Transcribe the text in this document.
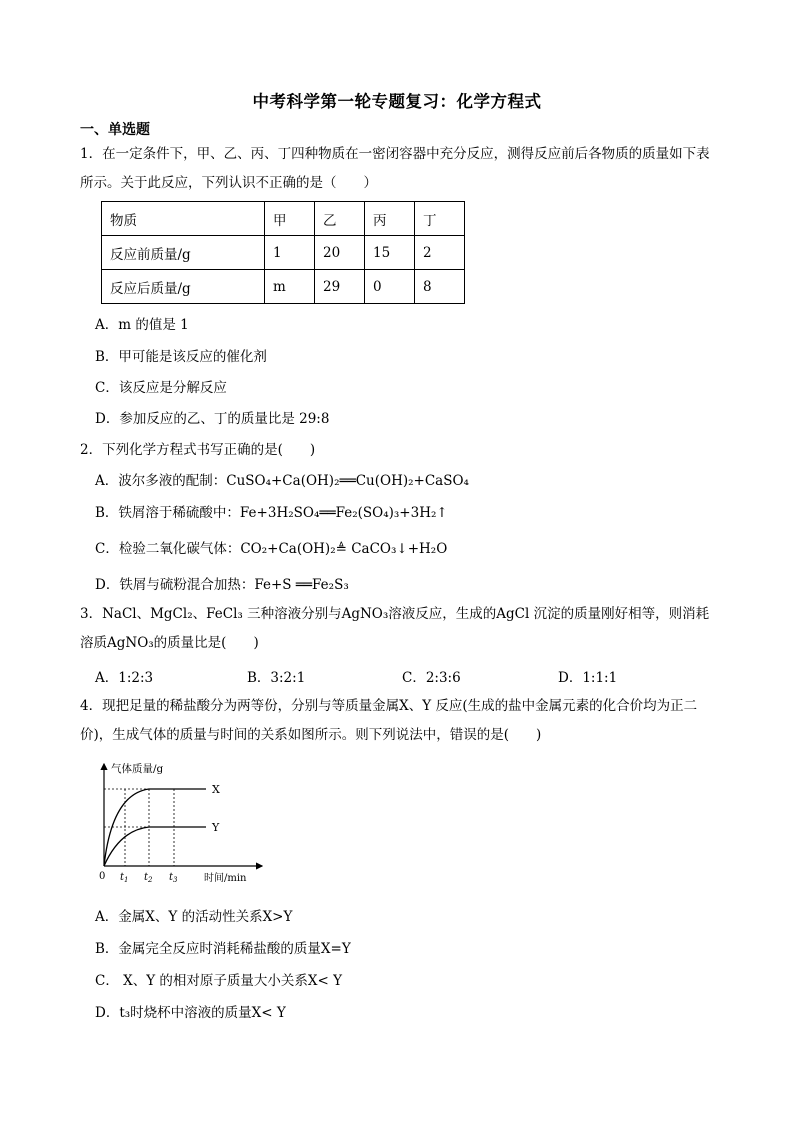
中考科学第一轮专题复习：化学方程式
一、单选题
1．在一定条件下，甲、乙、丙、丁四种物质在一密闭容器中充分反应，测得反应前后各物质的质量如下表所示。关于此反应，下列认识不正确的是（　　）
物质	甲	乙	丙	丁
反应前质量/g	1	20	15	2
反应后质量/g	m	29	0	8
A．m 的值是 1
B．甲可能是该反应的催化剂
C．该反应是分解反应
D．参加反应的乙、丁的质量比是 29:8
2．下列化学方程式书写正确的是(　　)
A．波尔多液的配制：CuSO₄+Ca(OH)₂══Cu(OH)₂+CaSO₄
B．铁屑溶于稀硫酸中：Fe+3H₂SO₄══Fe₂(SO₄)₃+3H₂↑
C．检验二氧化碳气体：CO₂+Ca(OH)₂≜ CaCO₃↓+H₂O
D．铁屑与硫粉混合加热：Fe+S ══Fe₂S₃
3．NaCl、MgCl₂、FeCl₃ 三种溶液分别与AgNO₃溶液反应，生成的AgCl 沉淀的质量刚好相等，则消耗溶质AgNO₃的质量比是(　　)
A．1:2:3	B．3:2:1	C．2:3:6	D．1:1:1
4．现把足量的稀盐酸分为两等份，分别与等质量金属X、Y 反应(生成的盐中金属元素的化合价均为正二价)，生成气体的质量与时间的关系如图所示。则下列说法中，错误的是(　　)
气体质量/g
时间/min
0
X
Y
$t_1$ $t_2$ $t_3$
A．金属X、Y 的活动性关系X>Y
B．金属完全反应时消耗稀盐酸的质量X=Y
C． X、Y 的相对原子质量大小关系X< Y
D．t₃时烧杯中溶液的质量X< Y
